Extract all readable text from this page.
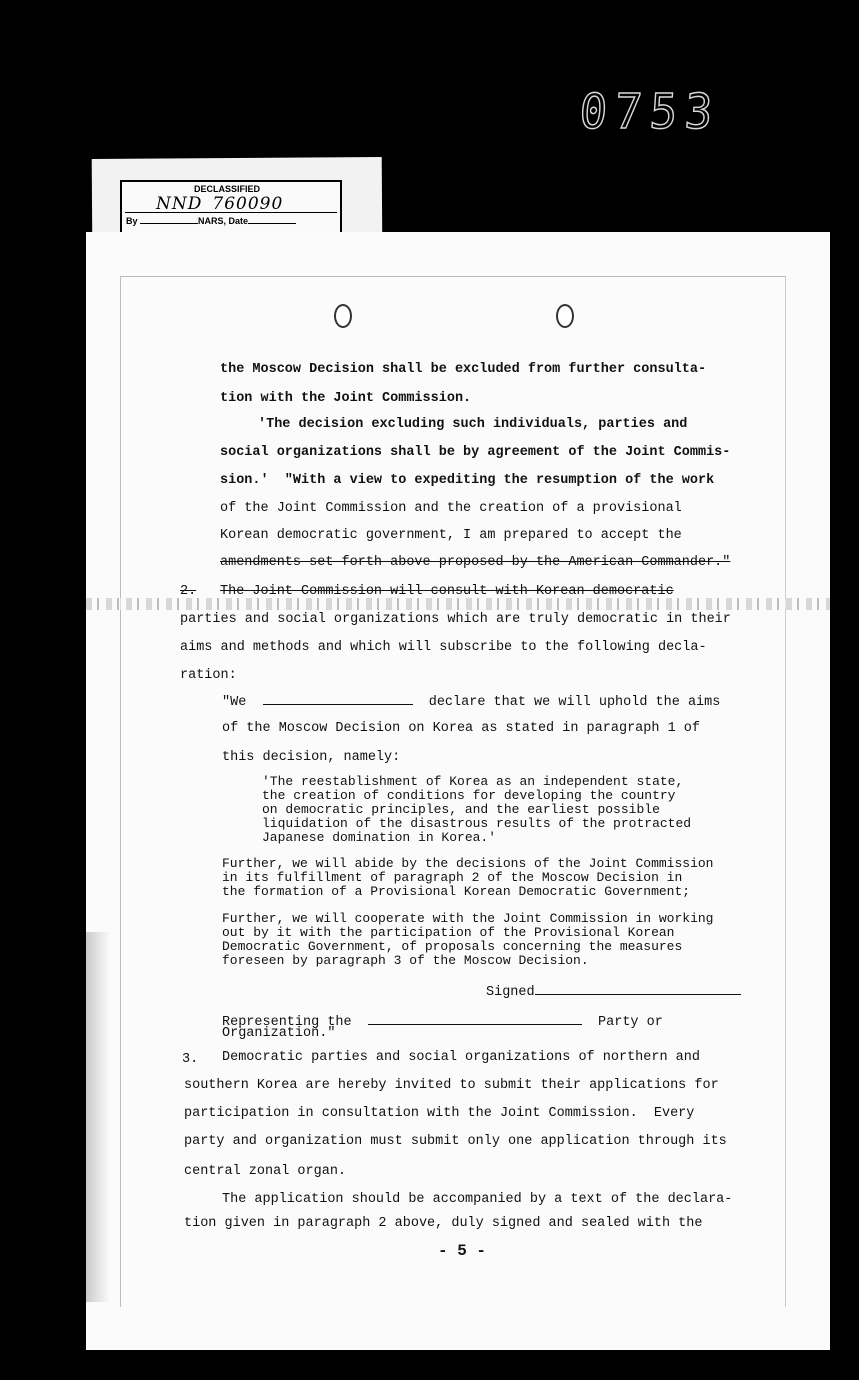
0753
DECLASSIFIED
NND 760090
By	NARS, Date
the Moscow Decision shall be excluded from further consulta-
tion with the Joint Commission.
'The decision excluding such individuals, parties and
social organizations shall be by agreement of the Joint Commis-
sion.'  "With a view to expediting the resumption of the work
of the Joint Commission and the creation of a provisional
Korean democratic government, I am prepared to accept the
amendments set forth above proposed by the American Commander."
2. The Joint Commission will consult with Korean democratic
parties and social organizations which are truly democratic in their
aims and methods and which will subscribe to the following decla-
ration:
"We	declare that we will uphold the aims
of the Moscow Decision on Korea as stated in paragraph 1 of
this decision, namely:
'The reestablishment of Korea as an independent state,
the creation of conditions for developing the country
on democratic principles, and the earliest possible
liquidation of the disastrous results of the protracted
Japanese domination in Korea.'
Further, we will abide by the decisions of the Joint Commission
in its fulfillment of paragraph 2 of the Moscow Decision in
the formation of a Provisional Korean Democratic Government;
Further, we will cooperate with the Joint Commission in working
out by it with the participation of the Provisional Korean
Democratic Government, of proposals concerning the measures
foreseen by paragraph 3 of the Moscow Decision.
Signed
Representing the	Party or
Organization."
3. Democratic parties and social organizations of northern and
southern Korea are hereby invited to submit their applications for
participation in consultation with the Joint Commission.  Every
party and organization must submit only one application through its
central zonal organ.
The application should be accompanied by a text of the declara-
tion given in paragraph 2 above, duly signed and sealed with the
- 5 -
